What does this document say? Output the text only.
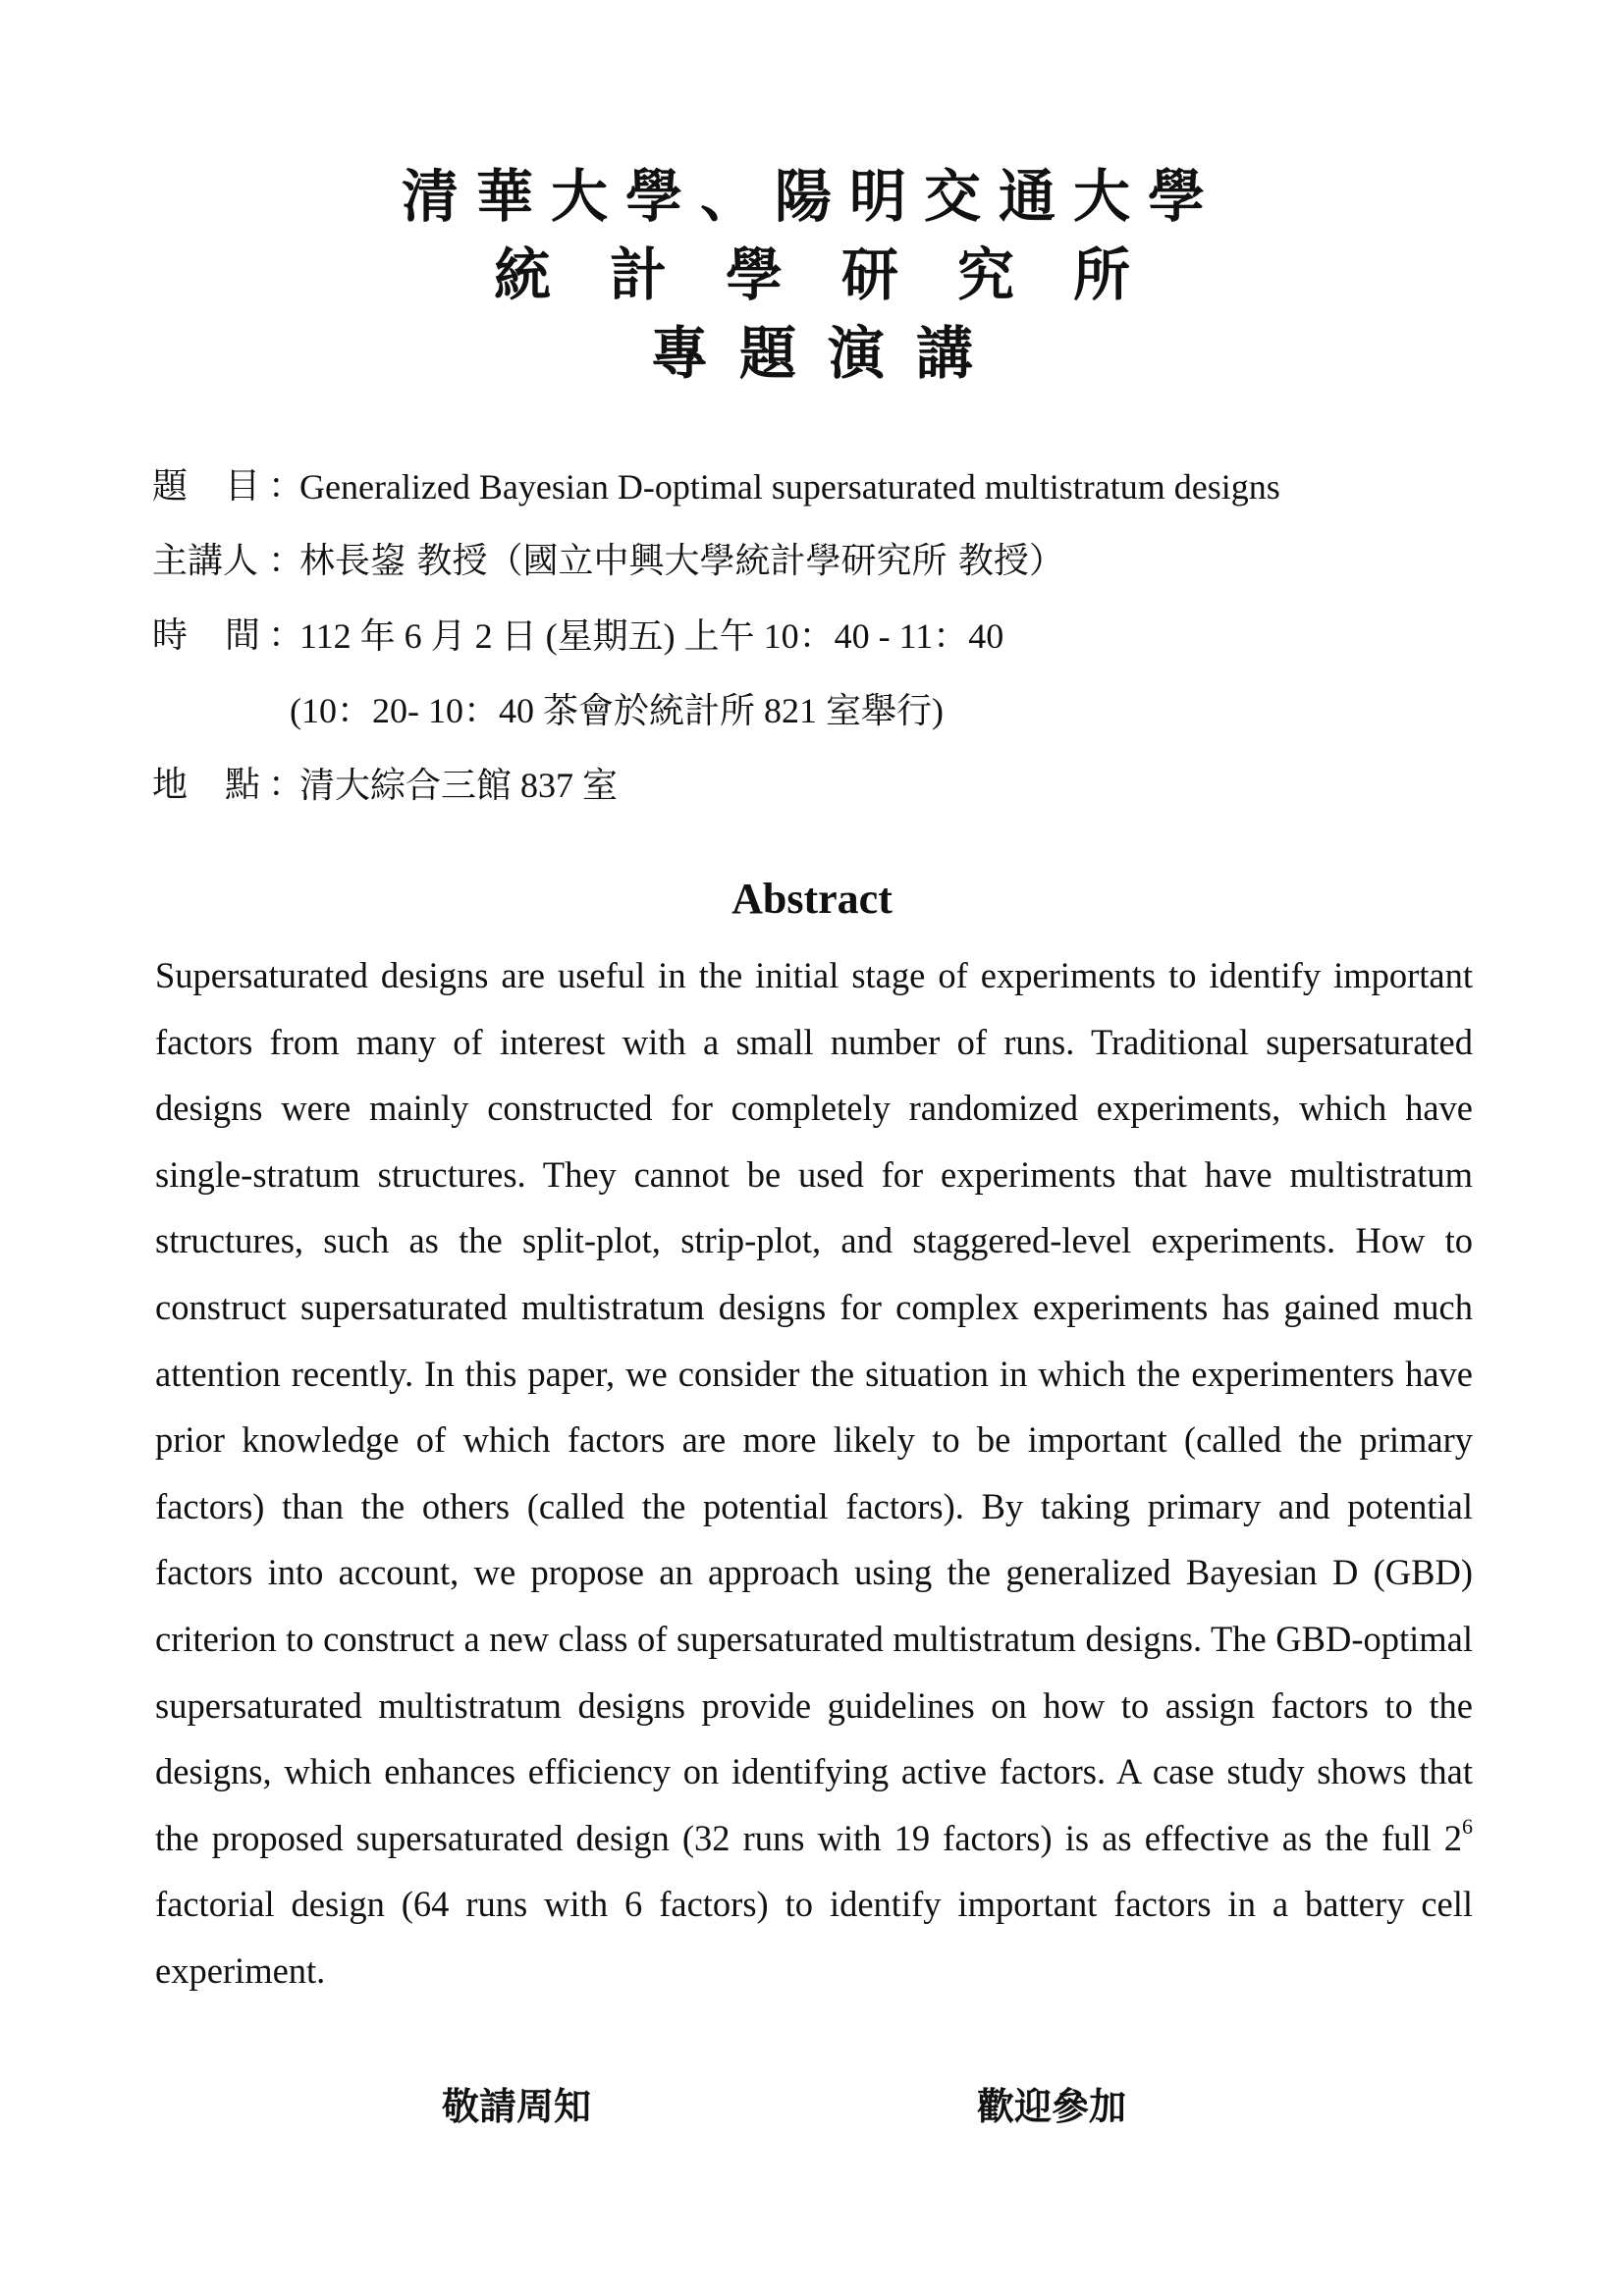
清華大學、陽明交通大學

統計學研究所

專題演講

題 目 ：
Generalized Bayesian D-optimal supersaturated multistratum designs
主講人 ：
林長鋆 教授（國立中興大學統計學研究所 教授）
時 間 ：
112 年 6 月 2 日 (星期五) 上午 10：40 - 11：40
(10：20- 10：40 茶會於統計所 821 室舉行)
地 點 ：
清大綜合三館 837 室
Abstract
Supersaturated designs are useful in the initial stage of experiments to identify important factors from many of interest with a small number of runs. Traditional supersaturated designs were mainly constructed for completely randomized experiments, which have single-stratum structures. They cannot be used for experiments that have multistratum structures, such as the split-plot, strip-plot, and staggered-level experiments. How to construct supersaturated multistratum designs for complex experiments has gained much attention recently. In this paper, we consider the situation in which the experimenters have prior knowledge of which factors are more likely to be important (called the primary factors) than the others (called the potential factors). By taking primary and potential factors into account, we propose an approach using the generalized Bayesian D (GBD) criterion to construct a new class of supersaturated multistratum designs. The GBD-optimal supersaturated multistratum designs provide guidelines on how to assign factors to the designs, which enhances efficiency on identifying active factors. A case study shows that the proposed supersaturated design (32 runs with 19 factors) is as effective as the full $2^6$ factorial design (64 runs with 6 factors) to identify important factors in a battery cell experiment.
敬請周知	歡迎參加
